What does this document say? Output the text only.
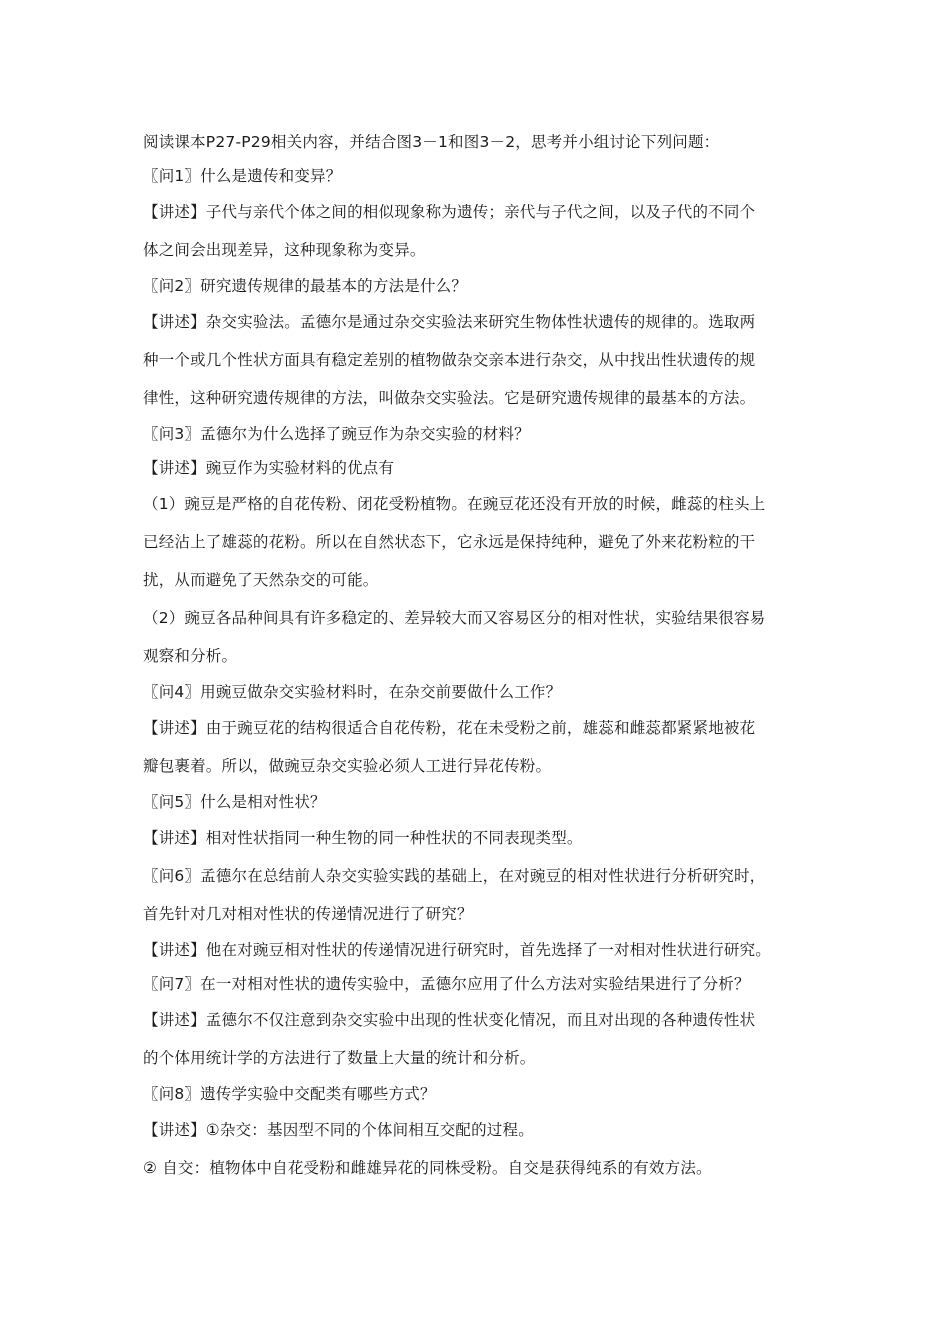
阅读课本P27-P29相关内容，并结合图3－1和图3－2，思考并小组讨论下列问题：
〖问1〗什么是遗传和变异？
【讲述】子代与亲代个体之间的相似现象称为遗传；亲代与子代之间，以及子代的不同个
体之间会出现差异，这种现象称为变异。
〖问2〗研究遗传规律的最基本的方法是什么？
【讲述】杂交实验法。孟德尔是通过杂交实验法来研究生物体性状遗传的规律的。选取两
种一个或几个性状方面具有稳定差别的植物做杂交亲本进行杂交，从中找出性状遗传的规
律性，这种研究遗传规律的方法，叫做杂交实验法。它是研究遗传规律的最基本的方法。
〖问3〗孟德尔为什么选择了豌豆作为杂交实验的材料？
【讲述】豌豆作为实验材料的优点有
（1）豌豆是严格的自花传粉、闭花受粉植物。在豌豆花还没有开放的时候，雌蕊的柱头上
已经沾上了雄蕊的花粉。所以在自然状态下，它永远是保持纯种，避免了外来花粉粒的干
扰，从而避免了天然杂交的可能。
（2）豌豆各品种间具有许多稳定的、差异较大而又容易区分的相对性状，实验结果很容易
观察和分析。
〖问4〗用豌豆做杂交实验材料时，在杂交前要做什么工作？
【讲述】由于豌豆花的结构很适合自花传粉，花在未受粉之前，雄蕊和雌蕊都紧紧地被花
瓣包裹着。所以，做豌豆杂交实验必须人工进行异花传粉。
〖问5〗什么是相对性状？
【讲述】相对性状指同一种生物的同一种性状的不同表现类型。
〖问6〗孟德尔在总结前人杂交实验实践的基础上，在对豌豆的相对性状进行分析研究时，
首先针对几对相对性状的传递情况进行了研究？
【讲述】他在对豌豆相对性状的传递情况进行研究时，首先选择了一对相对性状进行研究。
〖问7〗在一对相对性状的遗传实验中，孟德尔应用了什么方法对实验结果进行了分析？
【讲述】孟德尔不仅注意到杂交实验中出现的性状变化情况，而且对出现的各种遗传性状
的个体用统计学的方法进行了数量上大量的统计和分析。
〖问8〗遗传学实验中交配类有哪些方式？
【讲述】①杂交：基因型不同的个体间相互交配的过程。
② 自交：植物体中自花受粉和雌雄异花的同株受粉。自交是获得纯系的有效方法。
